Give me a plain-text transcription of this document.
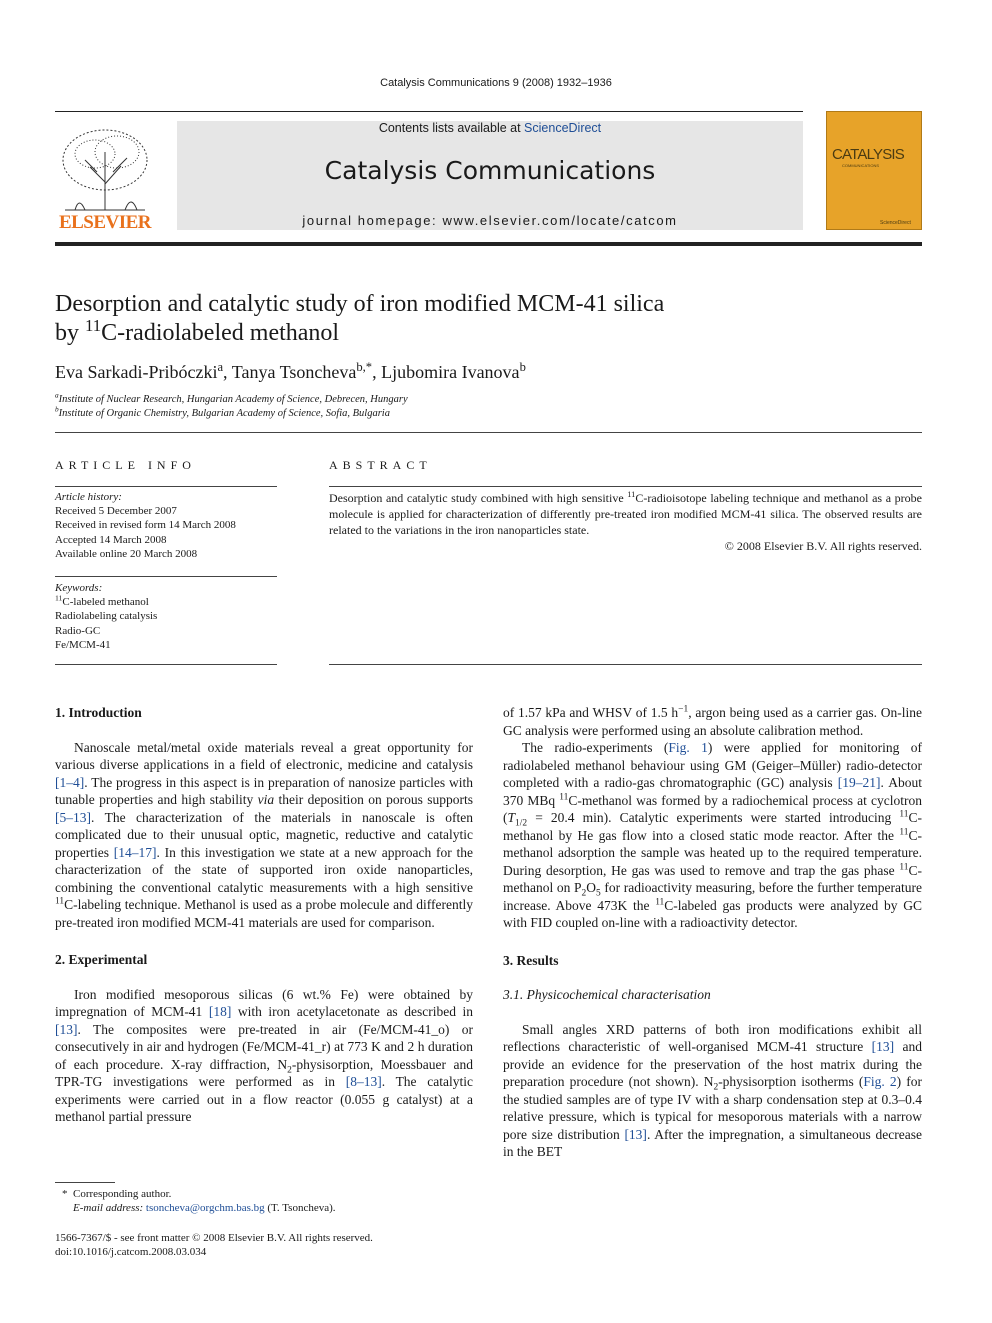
Catalysis Communications 9 (2008) 1932–1936
ELSEVIER
Contents lists available at ScienceDirect
Catalysis Communications
journal homepage: www.elsevier.com/locate/catcom
CATALYSIS
COMMUNICATIONS
ScienceDirect
Desorption and catalytic study of iron modified MCM-41 silica
by $^{11}$C-radiolabeled methanol
Eva Sarkadi-Pribóczki$^a$, Tanya Tsoncheva$^{b,*}$, Ljubomira Ivanova$^b$
$^a$Institute of Nuclear Research, Hungarian Academy of Science, Debrecen, Hungary
$^b$Institute of Organic Chemistry, Bulgarian Academy of Science, Sofia, Bulgaria
ARTICLE INFO
Article history:
Received 5 December 2007
Received in revised form 14 March 2008
Accepted 14 March 2008
Available online 20 March 2008
Keywords:
$^{11}$C-labeled methanol
Radiolabeling catalysis
Radio-GC
Fe/MCM-41
ABSTRACT
Desorption and catalytic study combined with high sensitive $^{11}$C-radioisotope labeling technique and methanol as a probe molecule is applied for characterization of differently pre-treated iron modified MCM-41 silica. The observed results are related to the variations in the iron nanoparticles state.
© 2008 Elsevier B.V. All rights reserved.
1. Introduction

Nanoscale metal/metal oxide materials reveal a great opportunity for various diverse applications in a field of electronic, medicine and catalysis [1–4]. The progress in this aspect is in preparation of nanosize particles with tunable properties and high stability via their deposition on porous supports [5–13]. The characterization of the materials in nanoscale is often complicated due to their unusual optic, magnetic, reductive and catalytic properties [14–17]. In this investigation we state at a new approach for the characterization of the state of supported iron oxide nanoparticles, combining the conventional catalytic measurements with a high sensitive $^{11}$C-labeling technique. Methanol is used as a probe molecule and differently pre-treated iron modified MCM-41 materials are used for comparison.

2. Experimental

Iron modified mesoporous silicas (6 wt.% Fe) were obtained by impregnation of MCM-41 [18] with iron acetylacetonate as described in [13]. The composites were pre-treated in air (Fe/MCM-41_o) or consecutively in air and hydrogen (Fe/MCM-41_r) at 773 K and 2 h duration of each procedure. X-ray diffraction, $N_2$-physisorption, Moessbauer and TPR-TG investigations were performed as in [8–13]. The catalytic experiments were carried out in a flow reactor (0.055 g catalyst) at a methanol partial pressure

of 1.57 kPa and WHSV of 1.5 $h^{-1}$, argon being used as a carrier gas. On-line GC analysis were performed using an absolute calibration method.

The radio-experiments (Fig. 1) were applied for monitoring of radiolabeled methanol behaviour using GM (Geiger–Müller) radio-detector completed with a radio-gas chromatographic (GC) analysis [19–21]. About 370 MBq $^{11}$C-methanol was formed by a radiochemical process at cyclotron ($T_{1/2} = 20.4$ min). Catalytic experiments were started introducing $^{11}$C-methanol by He gas flow into a closed static mode reactor. After the $^{11}$C-methanol adsorption the sample was heated up to the required temperature. During desorption, He gas was used to remove and trap the gas phase $^{11}$C-methanol on $P_2O_5$ for radioactivity measuring, before the further temperature increase. Above 473K the $^{11}$C-labeled gas products were analyzed by GC with FID coupled on-line with a radioactivity detector.

3. Results
3.1. Physicochemical characterisation

Small angles XRD patterns of both iron modifications exhibit all reflections characteristic of well-organised MCM-41 structure [13] and provide an evidence for the preservation of the host matrix during the preparation procedure (not shown). $N_2$-physisorption isotherms (Fig. 2) for the studied samples are of type IV with a sharp condensation step at 0.3–0.4 relative pressure, which is typical for mesoporous materials with a narrow pore size distribution [13]. After the impregnation, a simultaneous decrease in the BET

* Corresponding author.
E-mail address: tsoncheva@orgchm.bas.bg (T. Tsoncheva).
1566-7367/$ - see front matter © 2008 Elsevier B.V. All rights reserved.
doi:10.1016/j.catcom.2008.03.034
